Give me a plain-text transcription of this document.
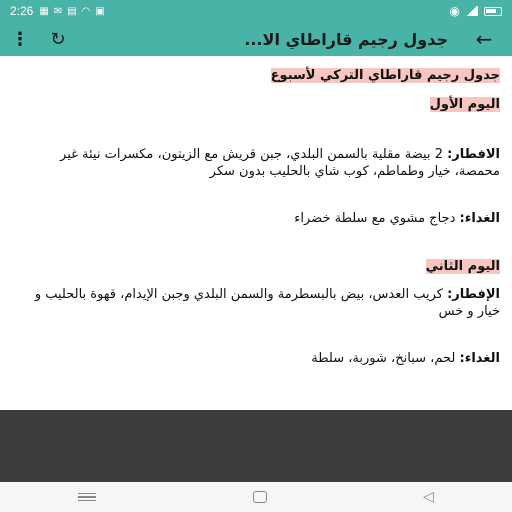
2:26 ▦ ✉ ▤ ◠ ▣	◉
⋮	↻	جدول رجيم قاراطاي الا...	←
جدول رجيم قاراطاي التركي لأسبوع
اليوم الأول
الافطار: 2 بيضة مقلية بالسمن البلدي، جبن قريش مع الزيتون، مكسرات نيئة غير محمصة، خيار وطماطم، كوب شاي بالحليب بدون سكر
الغداء: دجاج مشوي مع سلطة خضراء
اليوم الثاني
الإفطار: كريب العدس، بيض بالبسطرمة والسمن البلدي وجبن الإيدام، قهوة بالحليب و خيار و خس
الغداء: لحم، سبانخ، شوربة، سلطة
◁
